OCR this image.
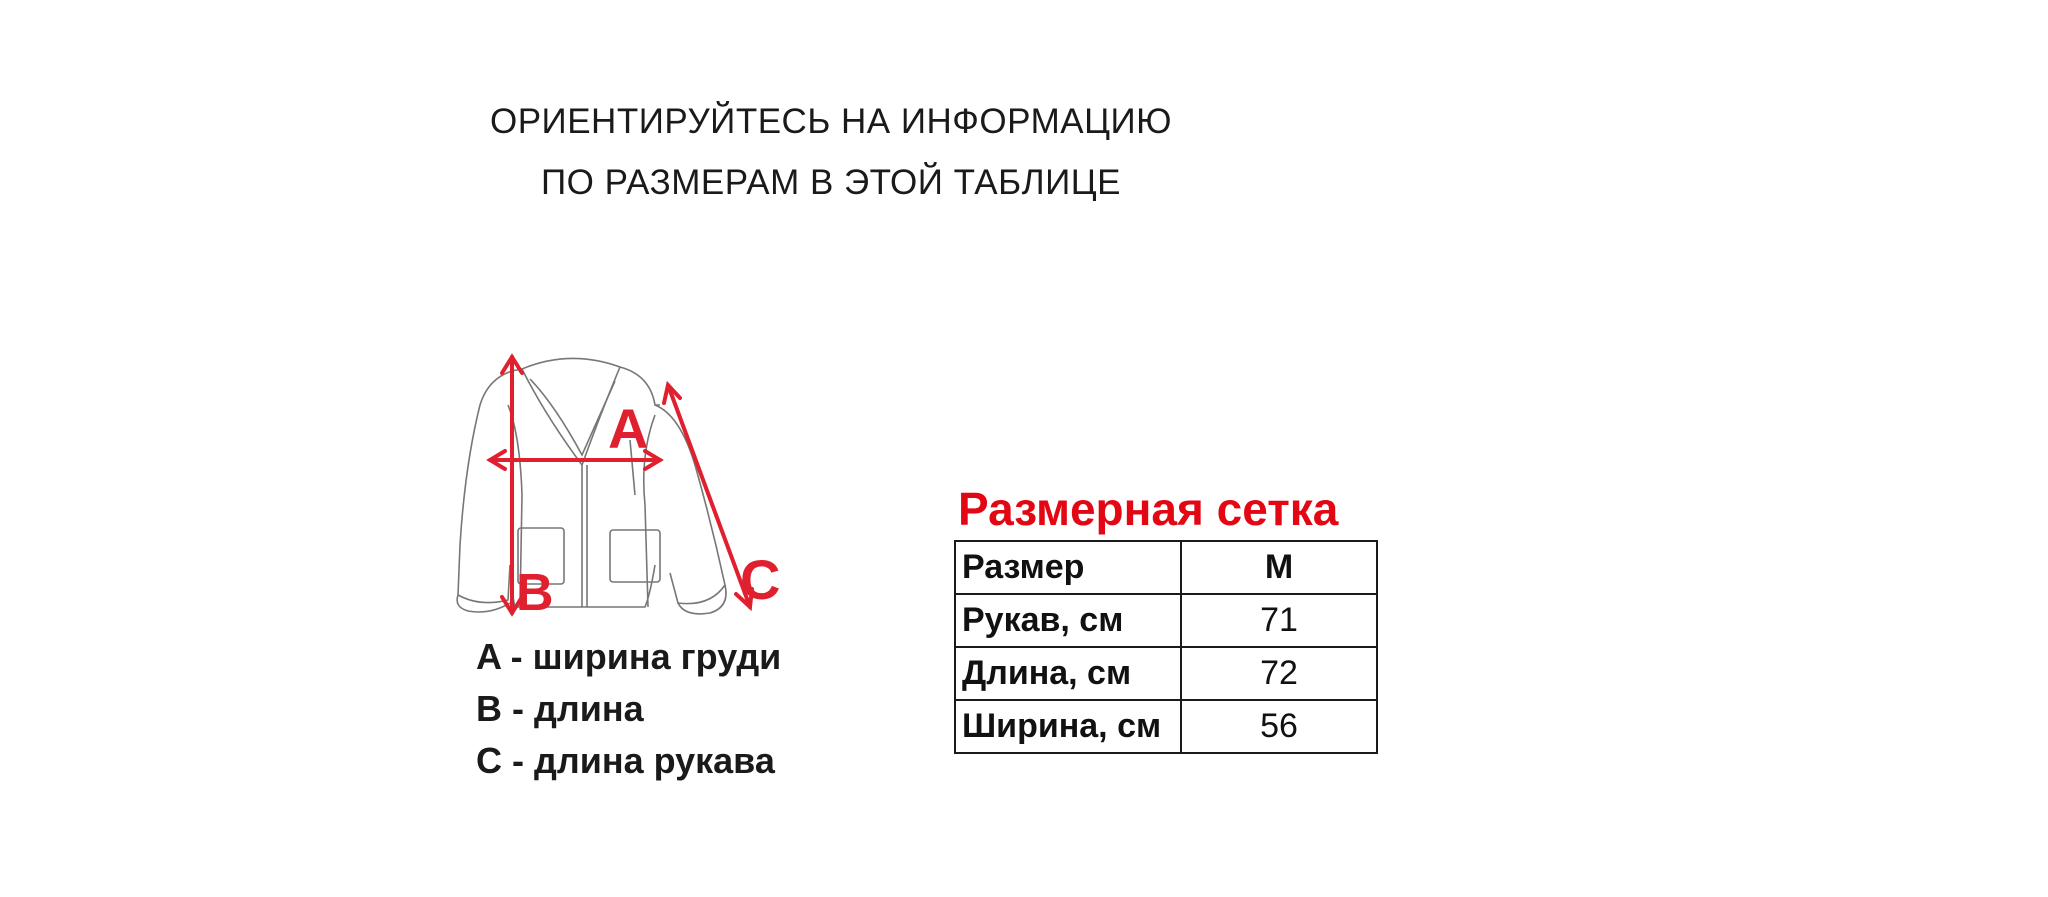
ОРИЕНТИРУЙТЕСЬ НА ИНФОРМАЦИЮ
ПО РАЗМЕРАМ В ЭТОЙ ТАБЛИЦЕ
A
B	C
A - ширина груди
B - длина
C - длина рукава
Размерная сетка
Размер	M
Рукав, см	71
Длина, см	72
Ширина, см	56
